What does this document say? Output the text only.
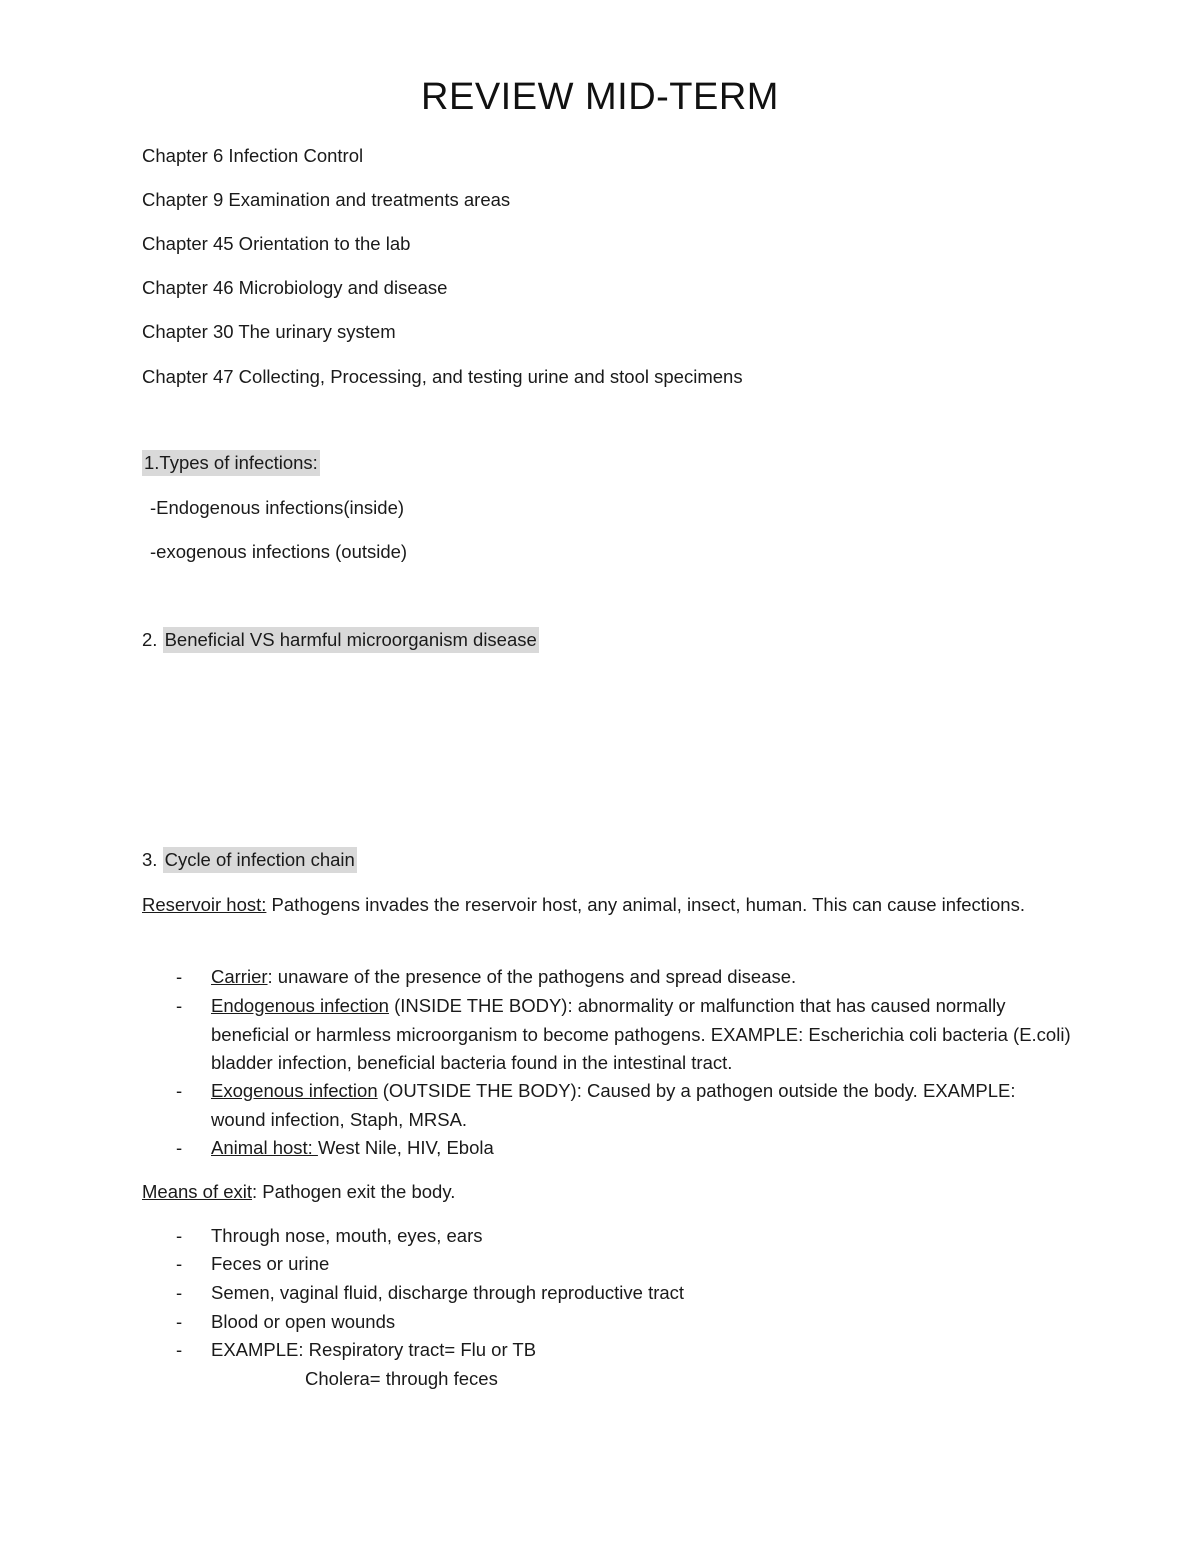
REVIEW MID-TERM
Chapter 6 Infection Control
Chapter 9 Examination and treatments areas
Chapter 45 Orientation to the lab
Chapter 46 Microbiology and disease
Chapter 30 The urinary system
Chapter 47 Collecting, Processing, and testing urine and stool specimens
1.Types of infections:
-Endogenous infections(inside)
-exogenous infections (outside)
2. Beneficial VS harmful microorganism disease
3. Cycle of infection chain
Reservoir host: Pathogens invades the reservoir host, any animal, insect, human. This can cause infections.
- Carrier: unaware of the presence of the pathogens and spread disease.
- Endogenous infection (INSIDE THE BODY): abnormality or malfunction that has caused normally beneficial or harmless microorganism to become pathogens. EXAMPLE: Escherichia coli bacteria (E.coli) bladder infection, beneficial bacteria found in the intestinal tract.
- Exogenous infection (OUTSIDE THE BODY): Caused by a pathogen outside the body. EXAMPLE: wound infection, Staph, MRSA.
- Animal host: West Nile, HIV, Ebola
Means of exit: Pathogen exit the body.
- Through nose, mouth, eyes, ears
- Feces or urine
- Semen, vaginal fluid, discharge through reproductive tract
- Blood or open wounds
- EXAMPLE: Respiratory tract= Flu or TB
Cholera= through feces
